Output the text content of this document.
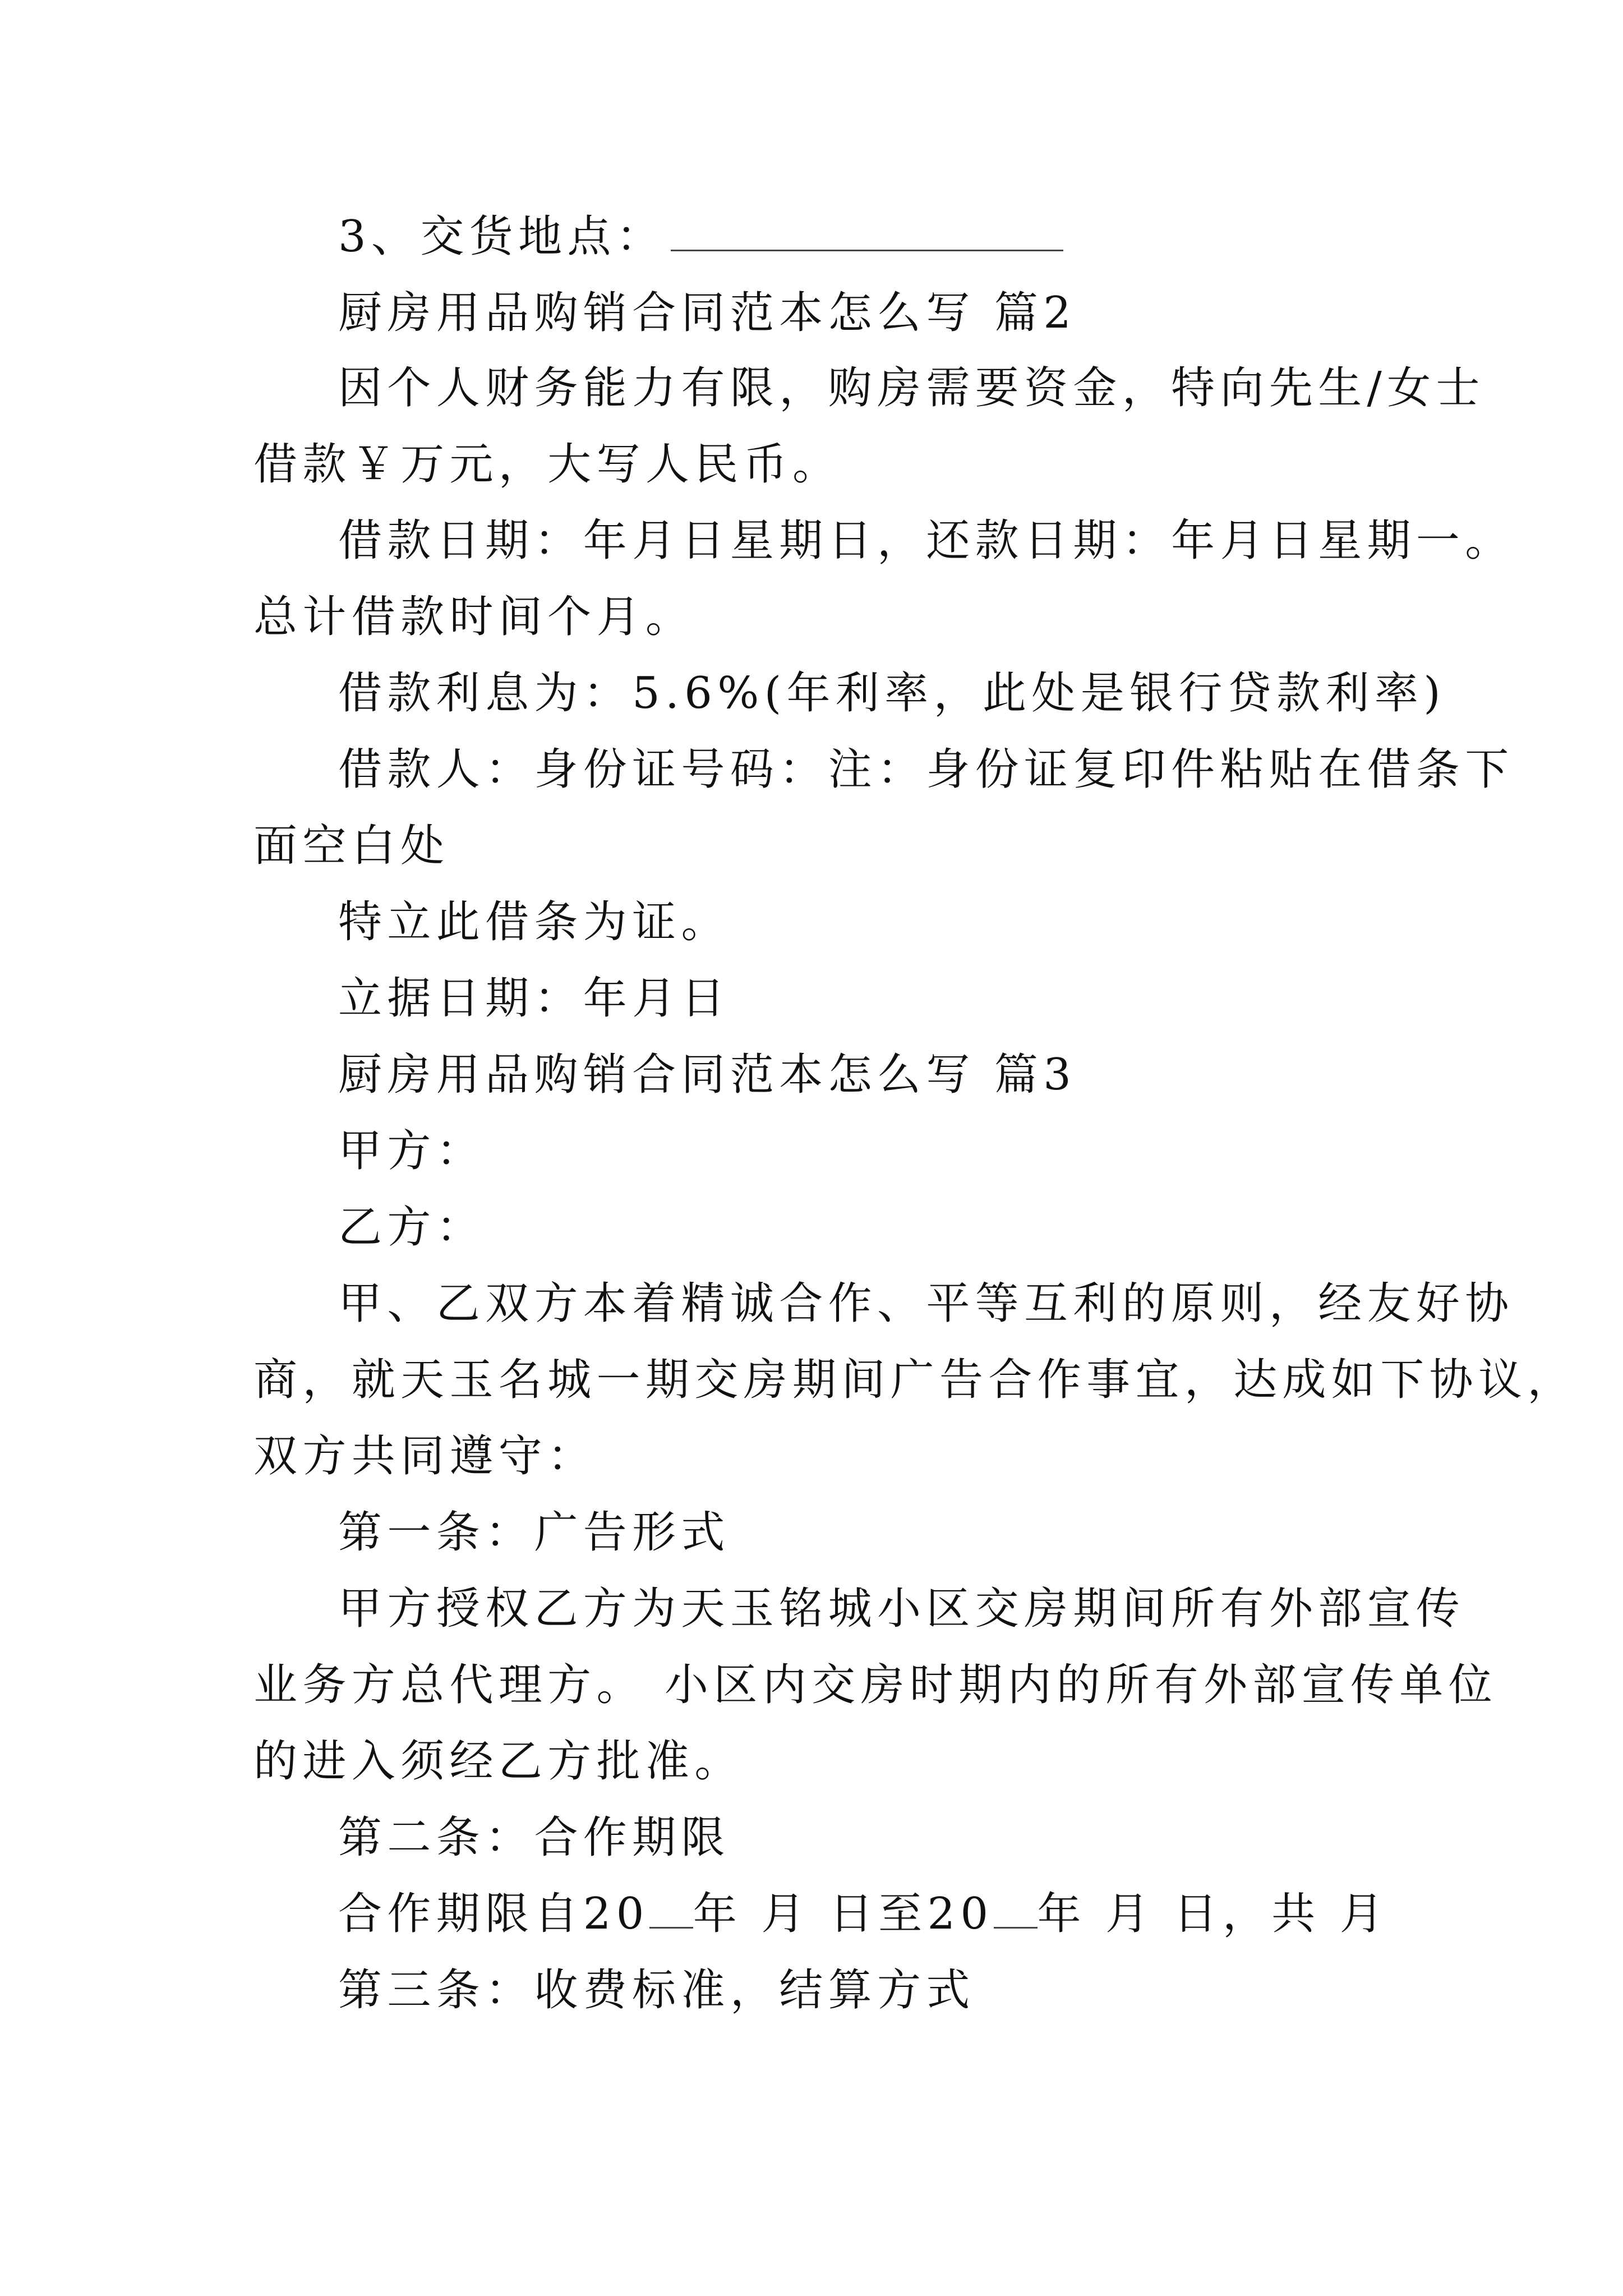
3、交货地点：
厨房用品购销合同范本怎么写 篇2
因个人财务能力有限，购房需要资金，特向先生/女士
借款￥万元，大写人民币。
借款日期：年月日星期日，还款日期：年月日星期一。
总计借款时间个月。
借款利息为：5.6%(年利率，此处是银行贷款利率)
借款人：身份证号码：注：身份证复印件粘贴在借条下
面空白处
特立此借条为证。
立据日期：年月日
厨房用品购销合同范本怎么写 篇3
甲方：
乙方：
甲、乙双方本着精诚合作、平等互利的原则，经友好协
商，就天玉名城一期交房期间广告合作事宜，达成如下协议，
双方共同遵守：
第一条：广告形式
甲方授权乙方为天玉铭城小区交房期间所有外部宣传
业务方总代理方。 小区内交房时期内的所有外部宣传单位
的进入须经乙方批准。
第二条：合作期限
合作期限自20 年 月 日至20 年 月 日，共 月
第三条：收费标准，结算方式
